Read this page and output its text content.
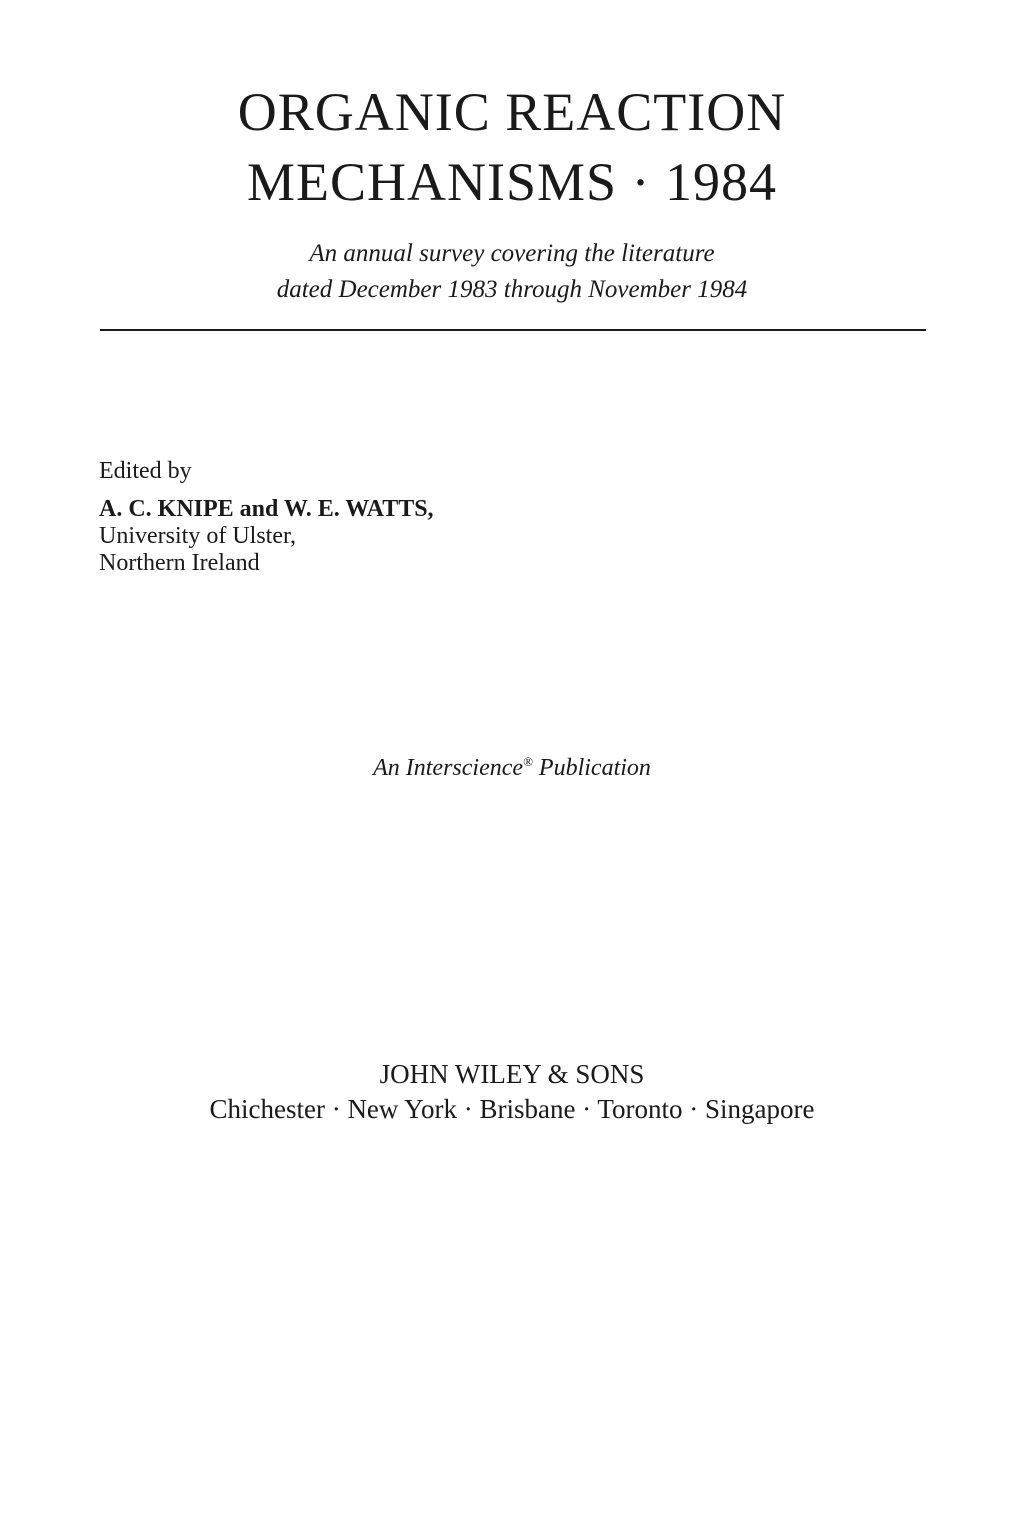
ORGANIC REACTION
MECHANISMS · 1984
An annual survey covering the literature
dated December 1983 through November 1984
Edited by
A. C. KNIPE and W. E. WATTS,
University of Ulster,
Northern Ireland
An Interscience® Publication
JOHN WILEY & SONS
Chichester · New York · Brisbane · Toronto · Singapore
